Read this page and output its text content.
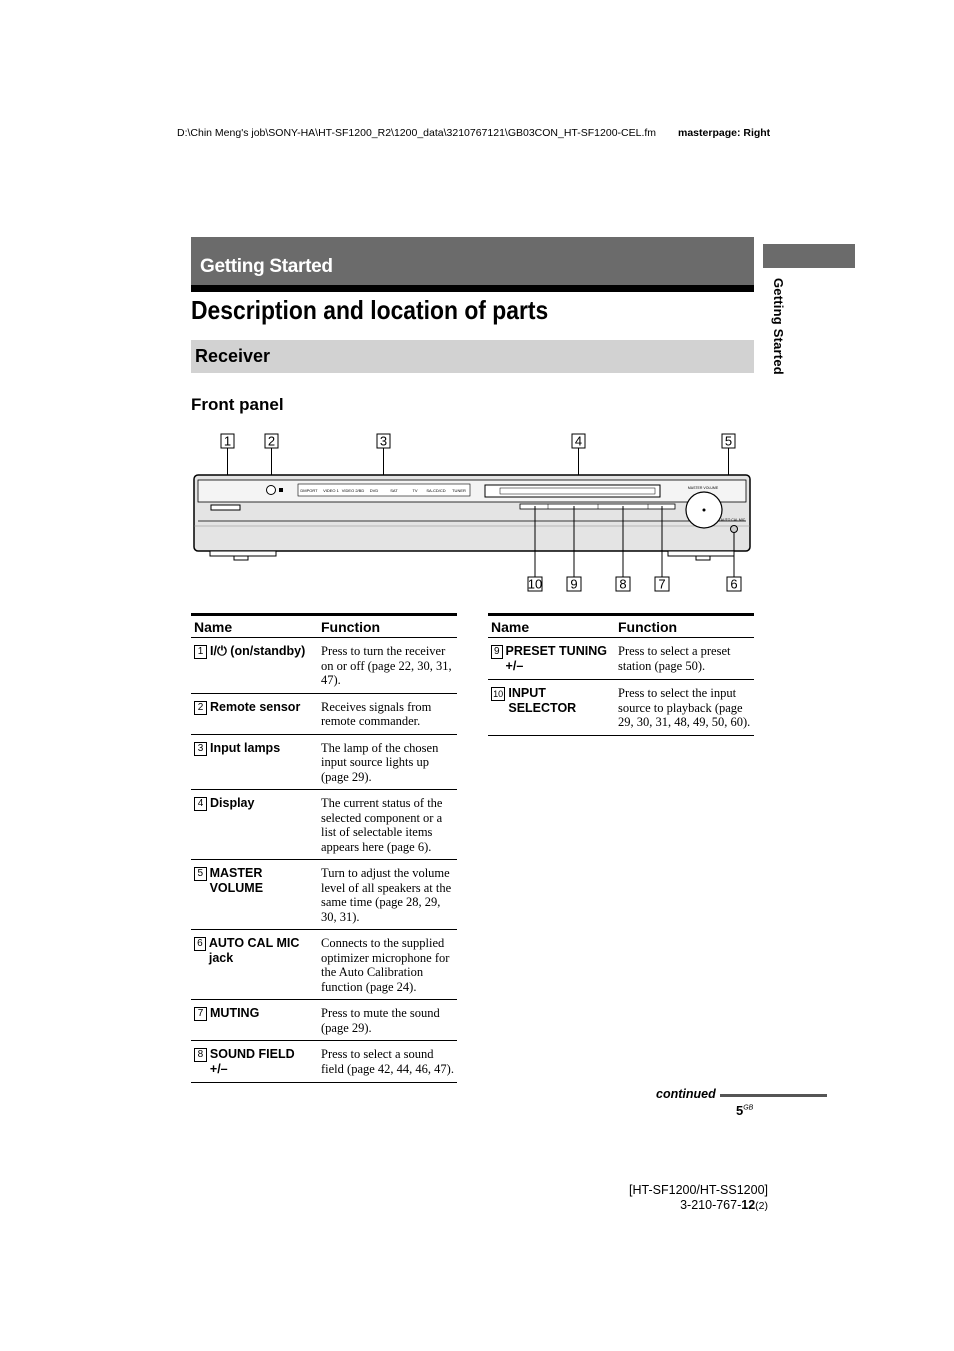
D:\Chin Meng's job\SONY-HA\HT-SF1200_R2\1200_data\3210767121\GB03CON_HT-SF1200-CEL.fm masterpage: Right
Getting Started
Getting Started
Description and location of parts
Receiver
Front panel
1	2	3	4	5
DMPORT VIDEO 1 VIDEO 2/BD DVD	SAT	TV SA-CD/CD TUNER	MASTER VOLUME
AUTO CAL MIC
10 9	8 7	6
Name	Function

1 I/⏻ (on/standby)	Press to turn the receiver on or off (page 22, 30, 31, 47).

2 Remote sensor	Receives signals from remote commander.

3 Input lamps	The lamp of the chosen input source lights up (page 29).

4 Display	The current status of the selected component or a list of selectable items appears here (page 6).

5 MASTER VOLUME	Turn to adjust the volume level of all speakers at the same time (page 28, 29, 30, 31).

6 AUTO CAL MIC jack	Connects to the supplied optimizer microphone for the Auto Calibration function (page 24).

7 MUTING	Press to mute the sound (page 29).

8 SOUND FIELD +/–	Press to select a sound field (page 42, 44, 46, 47).
Name	Function

9 PRESET TUNING +/–	Press to select a preset station (page 50).

10 INPUT SELECTOR	Press to select the input source to playback (page 29, 30, 31, 48, 49, 50, 60).
continued
$5^{GB}$
[HT-SF1200/HT-SS1200]
3-210-767-12(2)
